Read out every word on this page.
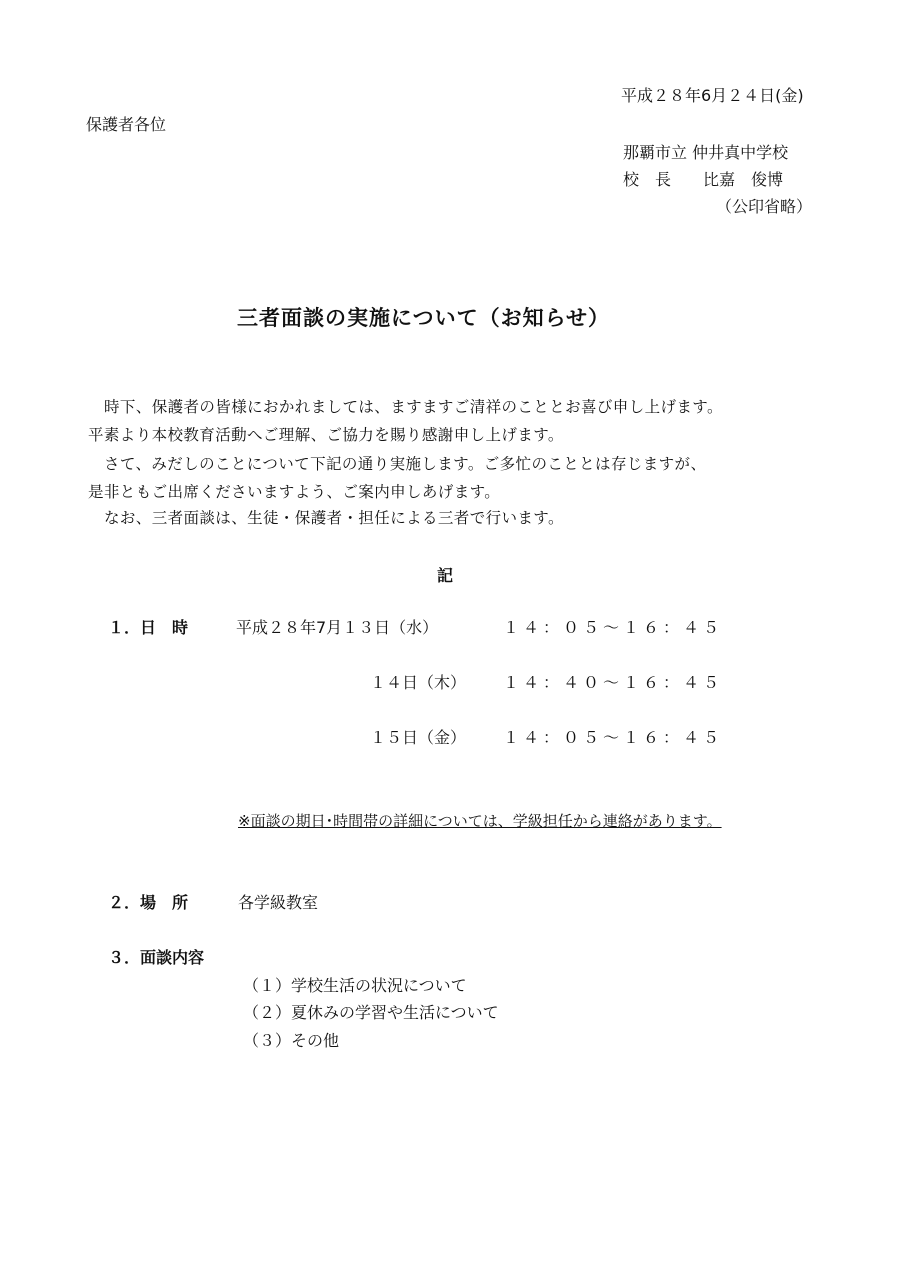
平成２８年6月２４日(金)
保護者各位
那覇市立 仲井真中学校
校　長　　比嘉　俊博
（公印省略）
三者面談の実施について（お知らせ）
時下、保護者の皆様におかれましては、ますますご清祥のこととお喜び申し上げます。
平素より本校教育活動へご理解、ご協力を賜り感謝申し上げます。
さて、みだしのことについて下記の通り実施します。ご多忙のこととは存じますが、
是非ともご出席くださいますよう、ご案内申しあげます。
なお、三者面談は、生徒・保護者・担任による三者で行います。
記
１．日　時	平成２８年7月１３日（水）	１４：０５～１６：４５
１４日（木） １４：４０～１６：４５
１５日（金） １４：０５～１６：４５
※面談の期日･時間帯の詳細については、学級担任から連絡があります。
２．場　所	各学級教室
３．面談内容
（１）学校生活の状況について
（２）夏休みの学習や生活について
（３）その他
